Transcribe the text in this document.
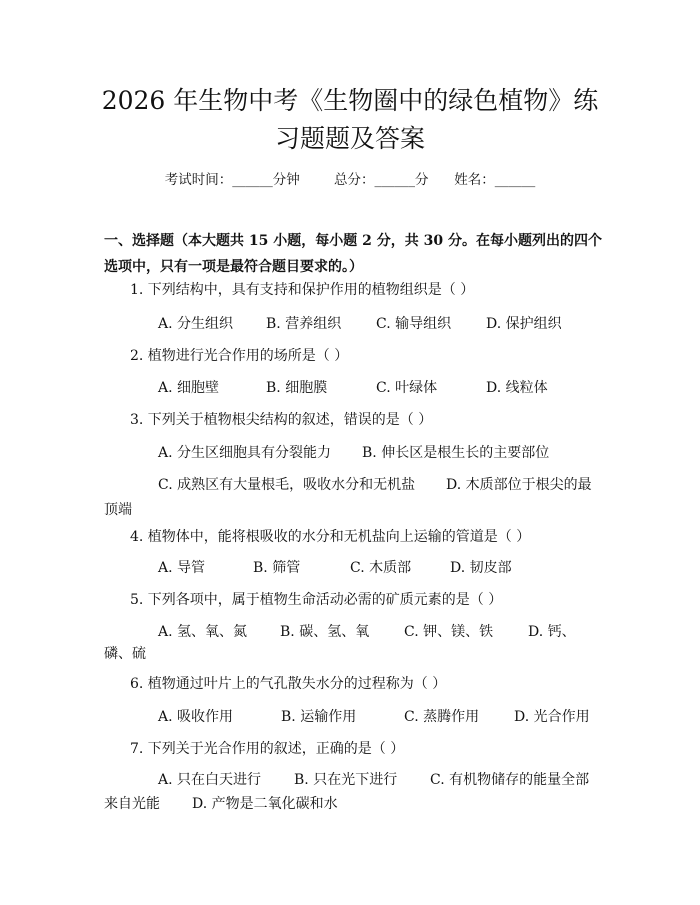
2026 年生物中考《生物圈中的绿色植物》练习题题及答案
考试时间：______分钟	总分：______分 姓名：______
一、选择题（本大题共 15 小题，每小题 2 分，共 30 分。在每小题列出的四个选项中，只有一项是最符合题目要求的。）
1. 下列结构中，具有支持和保护作用的植物组织是（ ）
A. 分生组织 B. 营养组织 C. 输导组织 D. 保护组织
2. 植物进行光合作用的场所是（ ）
A. 细胞壁	B. 细胞膜	C. 叶绿体	D. 线粒体
3. 下列关于植物根尖结构的叙述，错误的是（ ）
A. 分生区细胞具有分裂能力 B. 伸长区是根生长的主要部位
C. 成熟区有大量根毛，吸收水分和无机盐 D. 木质部位于根尖的最
顶端
4. 植物体中，能将根吸收的水分和无机盐向上运输的管道是（ ）
A. 导管	B. 筛管	C. 木质部	D. 韧皮部
5. 下列各项中，属于植物生命活动必需的矿质元素的是（ ）
A. 氢、氧、氮 B. 碳、氢、氧 C. 钾、镁、铁 D. 钙、
磷、硫
6. 植物通过叶片上的气孔散失水分的过程称为（ ）
A. 吸收作用	B. 运输作用	C. 蒸腾作用 D. 光合作用
7. 下列关于光合作用的叙述，正确的是（ ）
A. 只在白天进行 B. 只在光下进行 C. 有机物储存的能量全部
来自光能 D. 产物是二氧化碳和水
